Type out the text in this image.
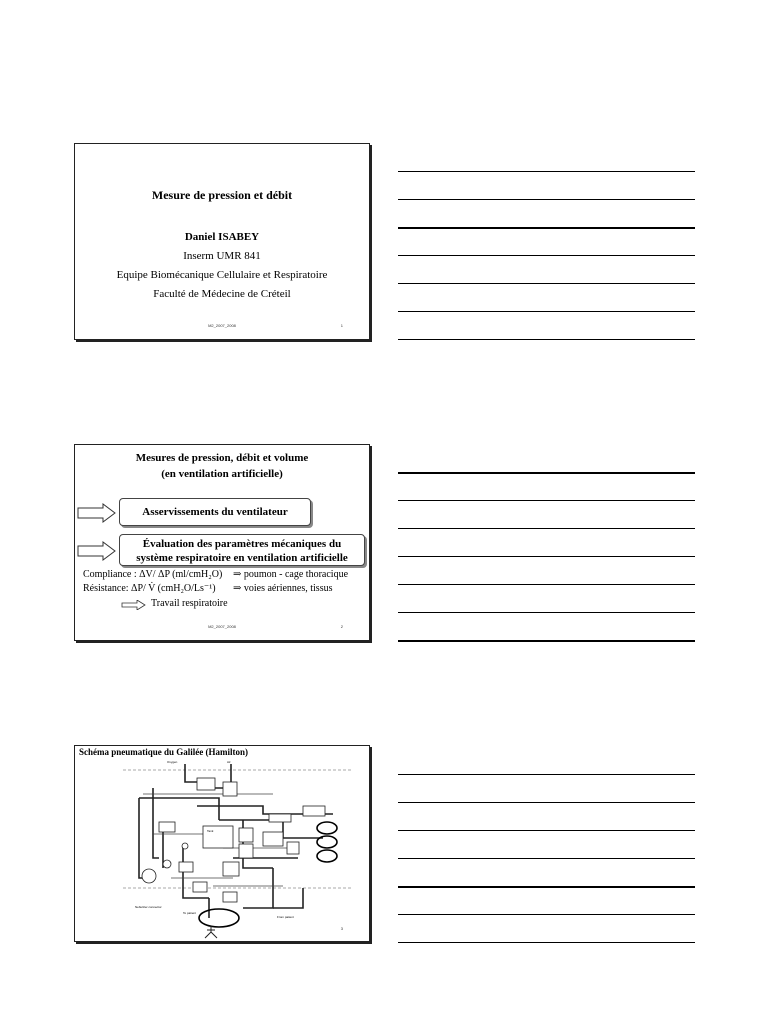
Mesure de pression et débit
Daniel ISABEY
Inserm UMR 841
Equipe Biomécanique Cellulaire et Respiratoire
Faculté de Médecine de Créteil
M2_2007_2008	1
Mesures de pression, débit et volume
(en ventilation artificielle)
Asservissements du ventilateur
Évaluation des paramètres mécaniques du
système respiratoire en ventilation artificielle
Compliance : ΔV/ ΔP (ml/cmH₂O) ⇒ poumon - cage thoracique
Résistance: ΔP/ V̇ (cmH₂O/Ls⁻¹) ⇒ voies aériennes, tissus
Travail respiratoire
M2_2007_2008	2
Schéma pneumatique du Galilée (Hamilton)
Oxygen	Air
Tank
To patient
From patient
Nebulizer connector
3
